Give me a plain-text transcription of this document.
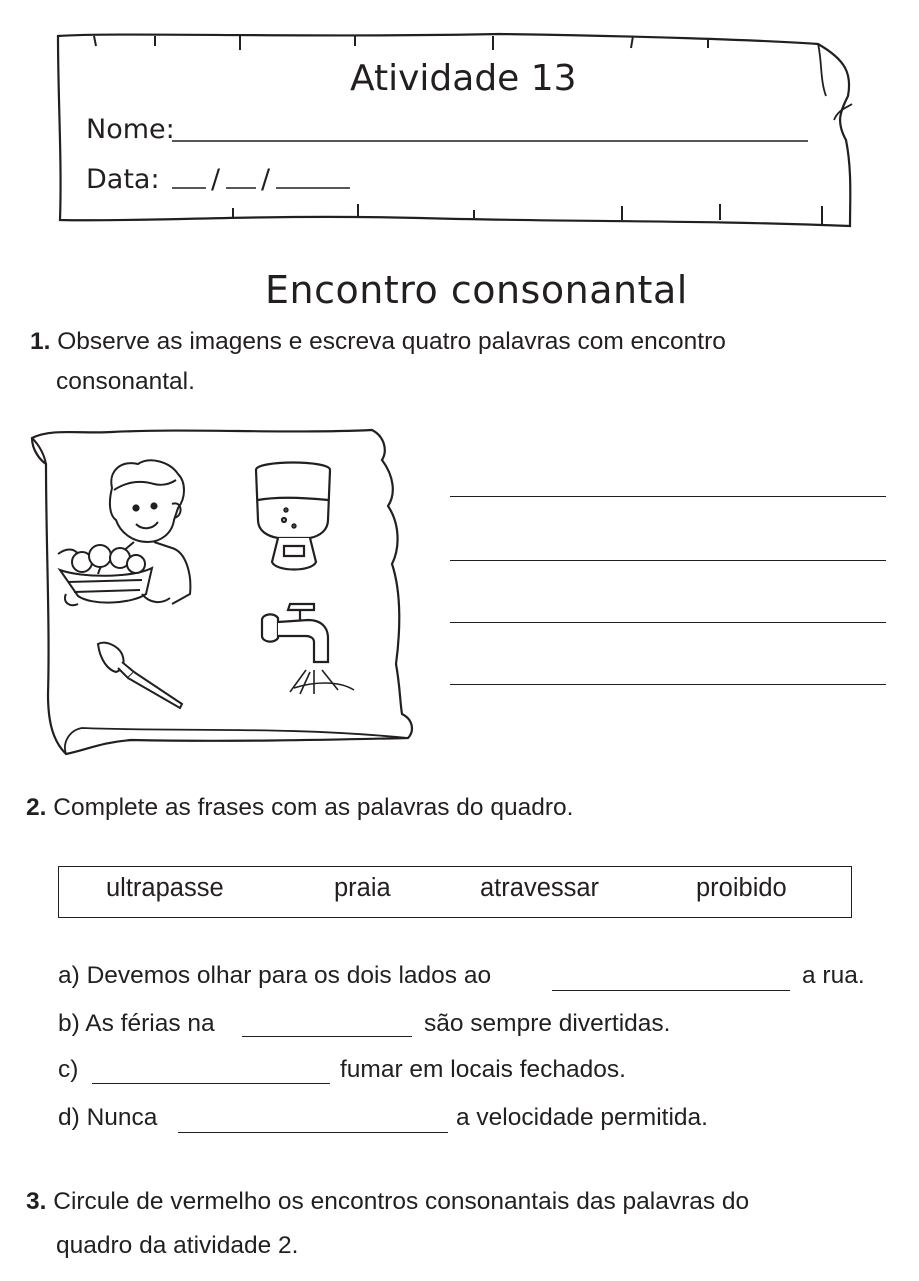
Atividade 13
Nome:
Data: / /
Encontro consonantal
1. Observe as imagens e escreva quatro palavras com encontro
consonantal.
2. Complete as frases com as palavras do quadro.
ultrapasse	praia	atravessar	proibido
a) Devemos olhar para os dois lados ao	a rua.
b) As férias na	são sempre divertidas.
c)	fumar em locais fechados.
d) Nunca	a velocidade permitida.
3. Circule de vermelho os encontros consonantais das palavras do
quadro da atividade 2.
